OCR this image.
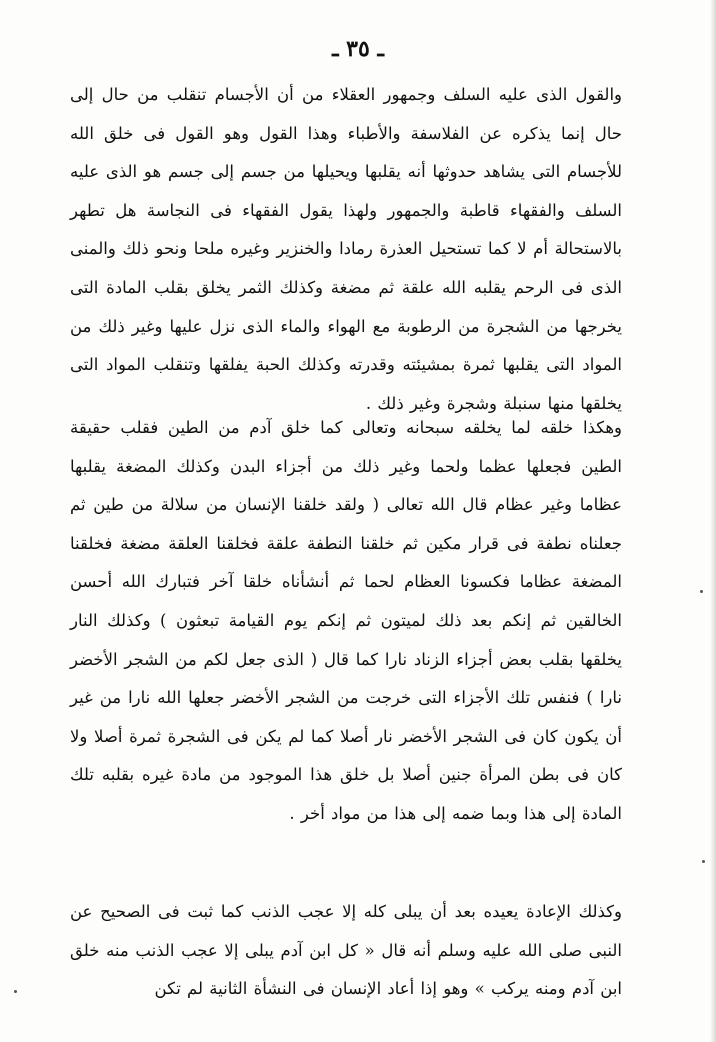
ـ ٣٥ ـ

والقول الذى عليه السلف وجمهور العقلاء من أن الأجسام تنقلب من حال إلى حال إنما يذكره عن الفلاسفة والأطباء وهذا القول وهو القول فى خلق الله للأجسام التى يشاهد حدوثها أنه يقلبها ويحيلها من جسم إلى جسم هو الذى عليه السلف والفقهاء قاطبة والجمهور ولهذا يقول الفقهاء فى النجاسة هل تطهر بالاستحالة أم لا كما تستحيل العذرة رمادا والخنزير وغيره ملحا ونحو ذلك والمنى الذى فى الرحم يقلبه الله علقة ثم مضغة وكذلك الثمر يخلق بقلب المادة التى يخرجها من الشجرة من الرطوبة مع الهواء والماء الذى نزل عليها وغير ذلك من المواد التى يقلبها ثمرة بمشيئته وقدرته وكذلك الحبة يفلقها وتنقلب المواد التى يخلقها منها سنبلة وشجرة وغير ذلك .

وهكذا خلقه لما يخلقه سبحانه وتعالى كما خلق آدم من الطين فقلب حقيقة الطين فجعلها عظما ولحما وغير ذلك من أجزاء البدن وكذلك المضغة يقلبها عظاما وغير عظام قال الله تعالى ( ولقد خلقنا الإنسان من سلالة من طين ثم جعلناه نطفة فى قرار مكين ثم خلقنا النطفة علقة فخلقنا العلقة مضغة فخلقنا المضغة عظاما فكسونا العظام لحما ثم أنشأناه خلقا آخر فتبارك الله أحسن الخالقين ثم إنكم بعد ذلك لميتون ثم إنكم يوم القيامة تبعثون ) وكذلك النار يخلقها بقلب بعض أجزاء الزناد نارا كما قال ( الذى جعل لكم من الشجر الأخضر نارا ) فنفس تلك الأجزاء التى خرجت من الشجر الأخضر جعلها الله نارا من غير أن يكون كان فى الشجر الأخضر نار أصلا كما لم يكن فى الشجرة ثمرة أصلا ولا كان فى بطن المرأة جنين أصلا بل خلق هذا الموجود من مادة غيره بقلبه تلك المادة إلى هذا وبما ضمه إلى هذا من مواد أخر .

وكذلك الإعادة يعيده بعد أن يبلى كله إلا عجب الذنب كما ثبت فى الصحيح عن النبى صلى الله عليه وسلم أنه قال « كل ابن آدم يبلى إلا عجب الذنب منه خلق ابن آدم ومنه يركب » وهو إذا أعاد الإنسان فى النشأة الثانية لم تكن
